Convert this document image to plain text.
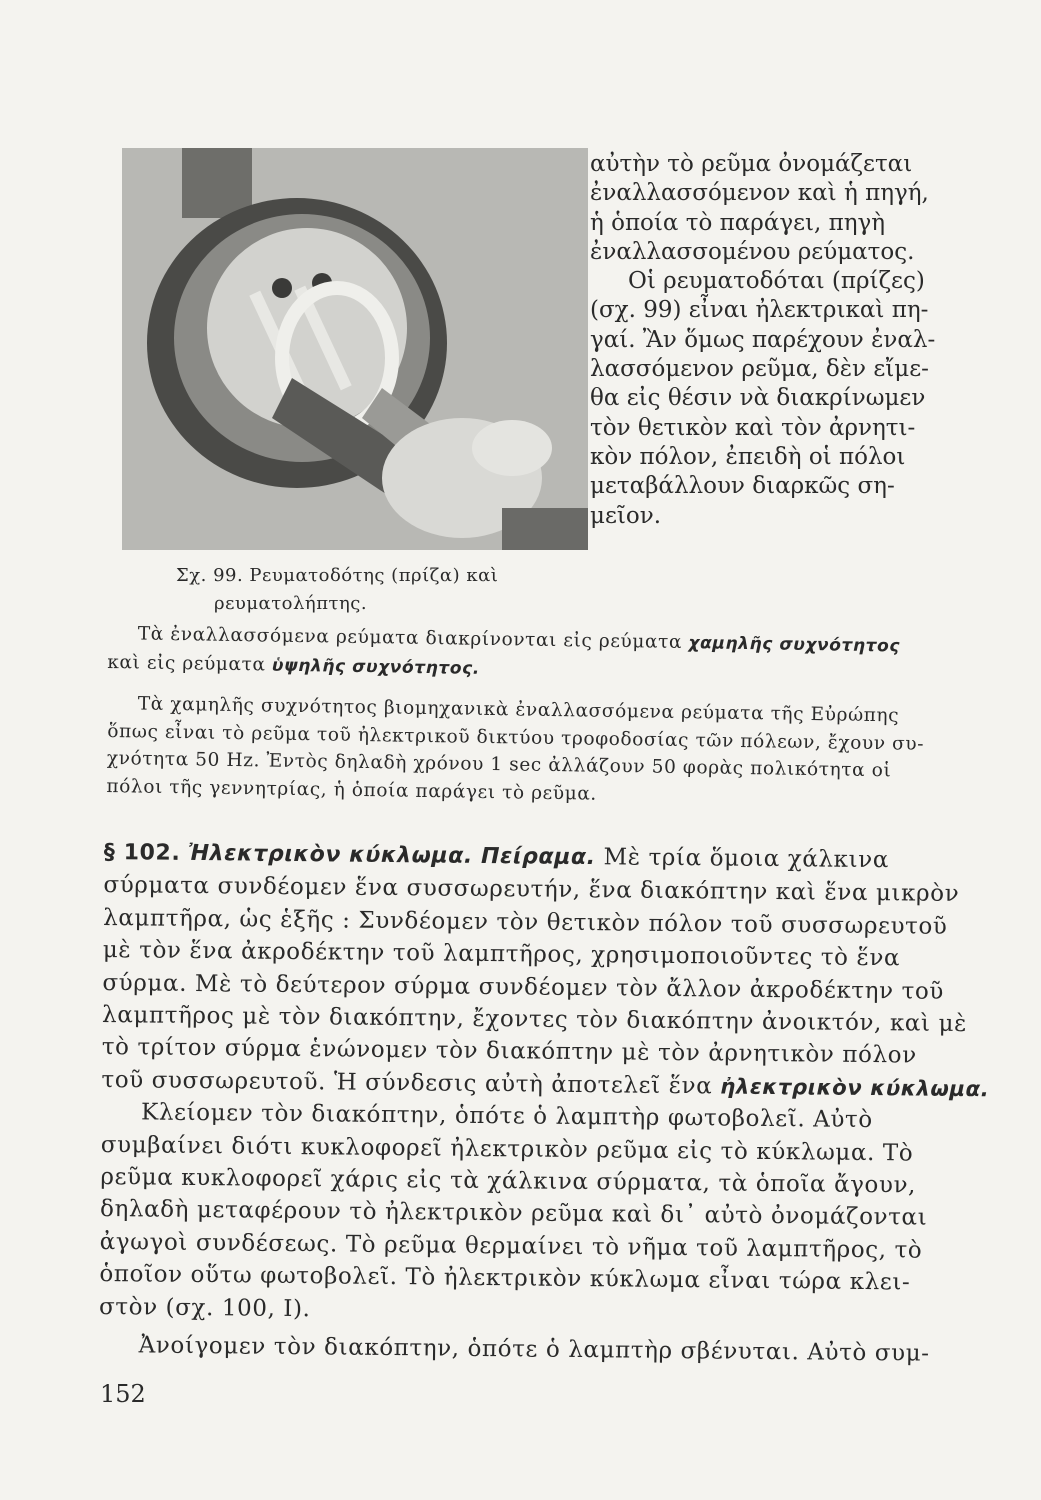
αὐτὴν τὸ ρεῦμα ὀνομάζεται
ἐναλλασσόμενον καὶ ἡ πηγή,
ἡ ὁποία τὸ παράγει, πηγὴ
ἐναλλασσομένου ρεύματος.
Οἱ ρευματοδόται (πρίζες)
(σχ. 99) εἶναι ἠλεκτρικαὶ πη-
γαί. Ἂν ὅμως παρέχουν ἐναλ-
λασσόμενον ρεῦμα, δὲν εἴμε-
θα εἰς θέσιν νὰ διακρίνωμεν
τὸν θετικὸν καὶ τὸν ἀρνητι-
κὸν πόλον, ἐπειδὴ οἱ πόλοι
μεταβάλλουν διαρκῶς ση-
μεῖον.
Σχ. 99. Ρευματοδότης (πρίζα) καὶ
ρευματολήπτης.
Τὰ ἐναλλασσόμενα ρεύματα διακρίνονται εἰς ρεύματα χαμηλῆς συχνότητος
καὶ εἰς ρεύματα ὑψηλῆς συχνότητος.
Τὰ χαμηλῆς συχνότητος βιομηχανικὰ ἐναλλασσόμενα ρεύματα τῆς Εὐρώπης
ὅπως εἶναι τὸ ρεῦμα τοῦ ἠλεκτρικοῦ δικτύου τροφοδοσίας τῶν πόλεων, ἔχουν συ-
χνότητα 50 Hz. Ἐντὸς δηλαδὴ χρόνου 1 sec ἀλλάζουν 50 φορὰς πολικότητα οἱ
πόλοι τῆς γεννητρίας, ἡ ὁποία παράγει τὸ ρεῦμα.
§ 102. Ἠλεκτρικὸν κύκλωμα. Πείραμα. Μὲ τρία ὅμοια χάλκινα
σύρματα συνδέομεν ἕνα συσσωρευτήν, ἕνα διακόπτην καὶ ἕνα μικρὸν
λαμπτῆρα, ὡς ἑξῆς : Συνδέομεν τὸν θετικὸν πόλον τοῦ συσσωρευτοῦ
μὲ τὸν ἕνα ἀκροδέκτην τοῦ λαμπτῆρος, χρησιμοποιοῦντες τὸ ἕνα
σύρμα. Μὲ τὸ δεύτερον σύρμα συνδέομεν τὸν ἄλλον ἀκροδέκτην τοῦ
λαμπτῆρος μὲ τὸν διακόπτην, ἔχοντες τὸν διακόπτην ἀνοικτόν, καὶ μὲ
τὸ τρίτον σύρμα ἑνώνομεν τὸν διακόπτην μὲ τὸν ἀρνητικὸν πόλον
τοῦ συσσωρευτοῦ. Ἡ σύνδεσις αὐτὴ ἀποτελεῖ ἕνα ἠλεκτρικὸν κύκλωμα.
Κλείομεν τὸν διακόπτην, ὁπότε ὁ λαμπτὴρ φωτοβολεῖ. Αὐτὸ
συμβαίνει διότι κυκλοφορεῖ ἠλεκτρικὸν ρεῦμα εἰς τὸ κύκλωμα. Τὸ
ρεῦμα κυκλοφορεῖ χάρις εἰς τὰ χάλκινα σύρματα, τὰ ὁποῖα ἄγουν,
δηλαδὴ μεταφέρουν τὸ ἠλεκτρικὸν ρεῦμα καὶ δι᾽ αὐτὸ ὀνομάζονται
ἀγωγοὶ συνδέσεως. Τὸ ρεῦμα θερμαίνει τὸ νῆμα τοῦ λαμπτῆρος, τὸ
ὁποῖον οὕτω φωτοβολεῖ. Τὸ ἠλεκτρικὸν κύκλωμα εἶναι τώρα κλει-
στὸν (σχ. 100, Ι).
Ἀνοίγομεν τὸν διακόπτην, ὁπότε ὁ λαμπτὴρ σβένυται. Αὐτὸ συμ-
152
